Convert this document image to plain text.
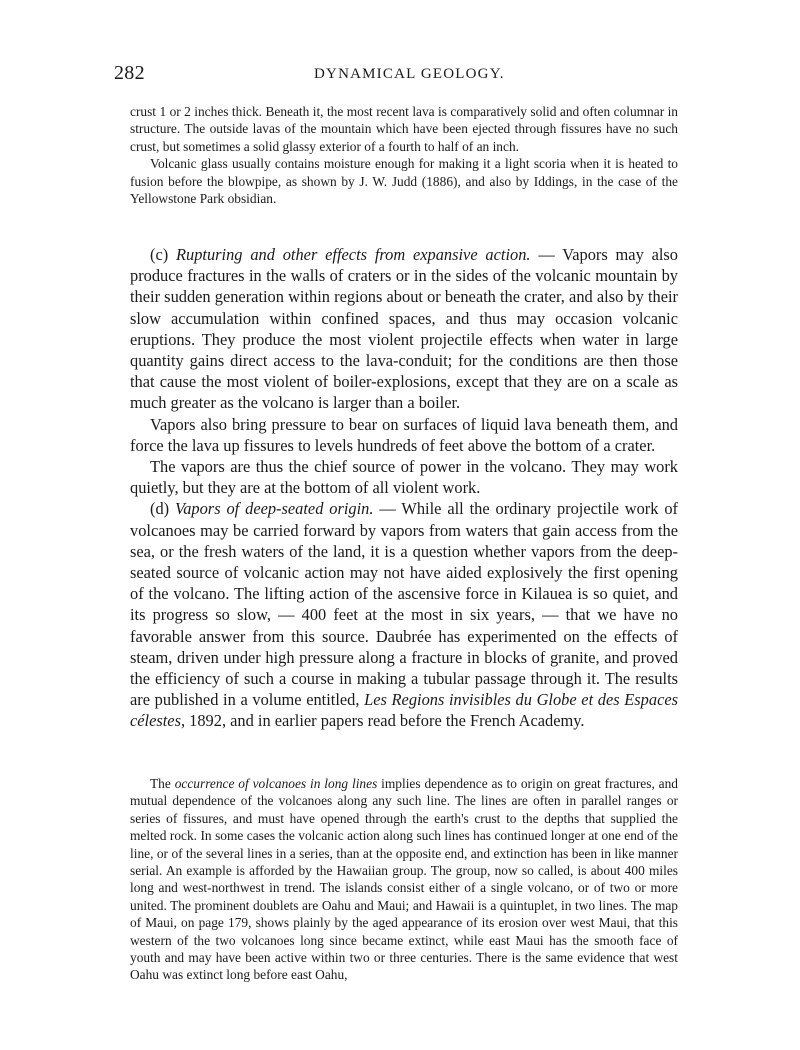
282	DYNAMICAL GEOLOGY.

crust 1 or 2 inches thick. Beneath it, the most recent lava is comparatively solid and often columnar in structure. The outside lavas of the mountain which have been ejected through fissures have no such crust, but sometimes a solid glassy exterior of a fourth to half of an inch.

Volcanic glass usually contains moisture enough for making it a light scoria when it is heated to fusion before the blowpipe, as shown by J. W. Judd (1886), and also by Iddings, in the case of the Yellowstone Park obsidian.

(c) Rupturing and other effects from expansive action. — Vapors may also produce fractures in the walls of craters or in the sides of the volcanic mountain by their sudden generation within regions about or beneath the crater, and also by their slow accumulation within confined spaces, and thus may occasion volcanic eruptions. They produce the most violent projectile effects when water in large quantity gains direct access to the lava-conduit; for the conditions are then those that cause the most violent of boiler-explosions, except that they are on a scale as much greater as the volcano is larger than a boiler.

Vapors also bring pressure to bear on surfaces of liquid lava beneath them, and force the lava up fissures to levels hundreds of feet above the bottom of a crater.

The vapors are thus the chief source of power in the volcano. They may work quietly, but they are at the bottom of all violent work.

(d) Vapors of deep-seated origin. — While all the ordinary projectile work of volcanoes may be carried forward by vapors from waters that gain access from the sea, or the fresh waters of the land, it is a question whether vapors from the deep-seated source of volcanic action may not have aided explosively the first opening of the volcano. The lifting action of the ascensive force in Kilauea is so quiet, and its progress so slow, — 400 feet at the most in six years, — that we have no favorable answer from this source. Daubrée has experimented on the effects of steam, driven under high pressure along a fracture in blocks of granite, and proved the efficiency of such a course in making a tubular passage through it. The results are published in a volume entitled, Les Regions invisibles du Globe et des Espaces célestes, 1892, and in earlier papers read before the French Academy.

The occurrence of volcanoes in long lines implies dependence as to origin on great fractures, and mutual dependence of the volcanoes along any such line. The lines are often in parallel ranges or series of fissures, and must have opened through the earth's crust to the depths that supplied the melted rock. In some cases the volcanic action along such lines has continued longer at one end of the line, or of the several lines in a series, than at the opposite end, and extinction has been in like manner serial. An example is afforded by the Hawaiian group. The group, now so called, is about 400 miles long and west-northwest in trend. The islands consist either of a single volcano, or of two or more united. The prominent doublets are Oahu and Maui; and Hawaii is a quintuplet, in two lines. The map of Maui, on page 179, shows plainly by the aged appearance of its erosion over west Maui, that this western of the two volcanoes long since became extinct, while east Maui has the smooth face of youth and may have been active within two or three centuries. There is the same evidence that west Oahu was extinct long before east Oahu,
